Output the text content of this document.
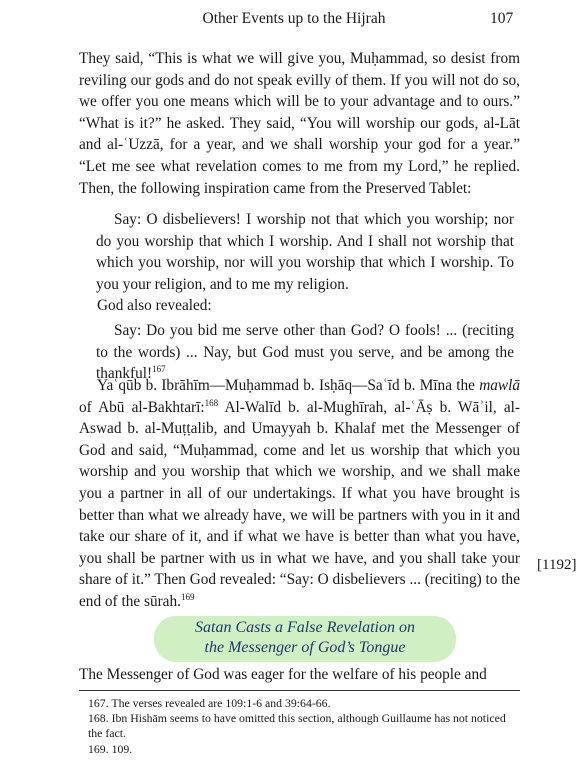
Other Events up to the Hijrah	107

They said, “This is what we will give you, Muḥammad, so desist from reviling our gods and do not speak evilly of them. If you will not do so, we offer you one means which will be to your advantage and to ours.” “What is it?” he asked. They said, “You will worship our gods, al-Lāt and al-ʿUzzā, for a year, and we shall worship your god for a year.” “Let me see what revelation comes to me from my Lord,” he replied. Then, the following inspiration came from the Preserved Tablet:

Say: O disbelievers! I worship not that which you worship; nor do you worship that which I worship. And I shall not worship that which you worship, nor will you worship that which I worship. To you your religion, and to me my religion.

God also revealed:

Say: Do you bid me serve other than God? O fools! ... (reciting to the words) ... Nay, but God must you serve, and be among the thankful!$^{167}$

Yaʿqūb b. Ibrāhīm—Muḥammad b. Isḥāq—Saʿīd b. Mīna the mawlā of Abū al-Bakhtarī:$^{168}$ Al-Walīd b. al-Mughīrah, al-ʿĀṣ b. Wāʾil, al-Aswad b. al-Muṭṭalib, and Umayyah b. Khalaf met the Messenger of God and said, “Muḥammad, come and let us worship that which you worship and you worship that which we worship, and we shall make you a partner in all of our undertakings. If what you have brought is better than what we already have, we will be partners with you in it and take our share of it, and if what we have is better than what you have, you shall be partner with us in what we have, and you shall take your share of it.” Then God revealed: “Say: O disbelievers ... (reciting) to the end of the sūrah.$^{169}$

[1192]
Satan Casts a False Revelation on
the Messenger of God’s Tongue

The Messenger of God was eager for the welfare of his people and

167. The verses revealed are 109:1-6 and 39:64-66.

168. Ibn Hishām seems to have omitted this section, although Guillaume has not noticed the fact.

169. 109.
